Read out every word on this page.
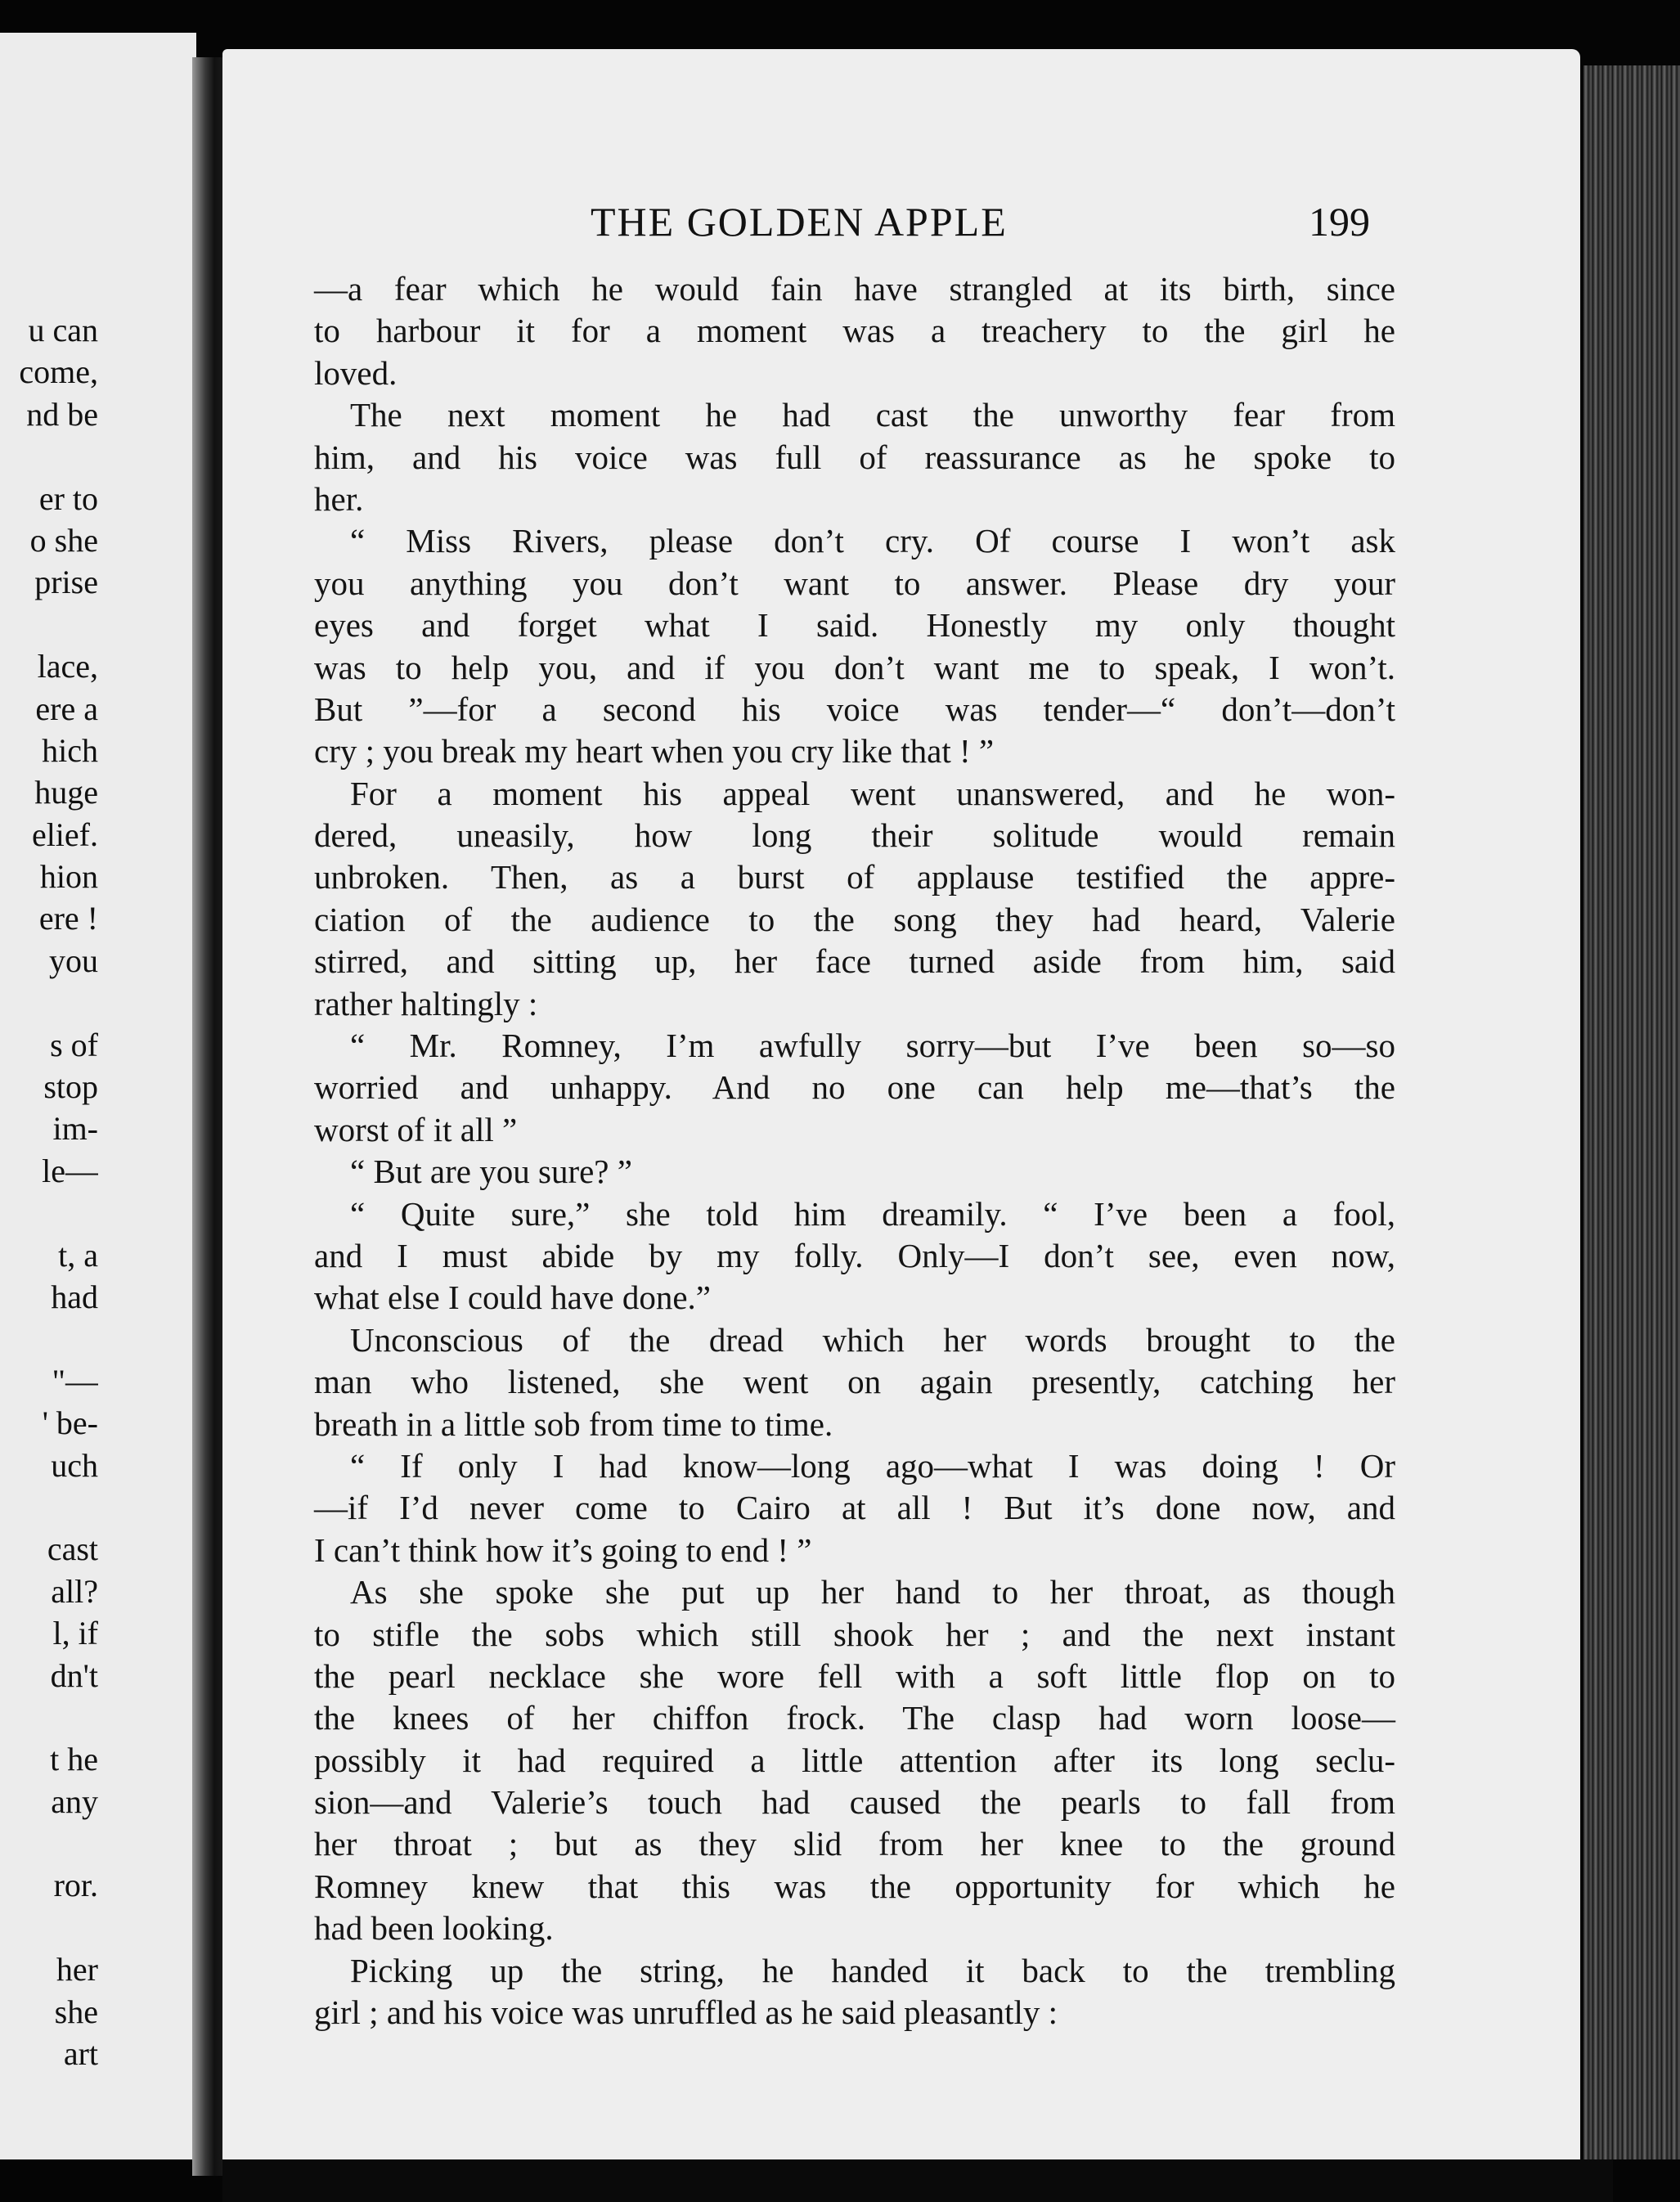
u can
come,
nd be
er to
o she
prise
lace,
ere a
hich
huge
elief.
hion
ere !
you
s of
stop
im-
le—
t, a
had
"—
' be-
uch
cast
all?
l, if
dn't
t he
any
ror.
her
she
art
THE GOLDEN APPLE	199
—a fear which he would fain have strangled at its birth, since
to harbour it for a moment was a treachery to the girl he
loved.
The next moment he had cast the unworthy fear from
him, and his voice was full of reassurance as he spoke to
her.
“ Miss Rivers, please don’t cry. Of course I won’t ask
you anything you don’t want to answer. Please dry your
eyes and forget what I said. Honestly my only thought
was to help you, and if you don’t want me to speak, I won’t.
But ”—for a second his voice was tender—“ don’t—don’t
cry ; you break my heart when you cry like that ! ”
For a moment his appeal went unanswered, and he won-
dered, uneasily, how long their solitude would remain
unbroken. Then, as a burst of applause testified the appre-
ciation of the audience to the song they had heard, Valerie
stirred, and sitting up, her face turned aside from him, said
rather haltingly :
“ Mr. Romney, I’m awfully sorry—but I’ve been so—so
worried and unhappy. And no one can help me—that’s the
worst of it all ”
“ But are you sure? ”
“ Quite sure,” she told him dreamily. “ I’ve been a fool,
and I must abide by my folly. Only—I don’t see, even now,
what else I could have done.”
Unconscious of the dread which her words brought to the
man who listened, she went on again presently, catching her
breath in a little sob from time to time.
“ If only I had know—long ago—what I was doing ! Or
—if I’d never come to Cairo at all ! But it’s done now, and
I can’t think how it’s going to end ! ”
As she spoke she put up her hand to her throat, as though
to stifle the sobs which still shook her ; and the next instant
the pearl necklace she wore fell with a soft little flop on to
the knees of her chiffon frock. The clasp had worn loose—
possibly it had required a little attention after its long seclu-
sion—and Valerie’s touch had caused the pearls to fall from
her throat ; but as they slid from her knee to the ground
Romney knew that this was the opportunity for which he
had been looking.
Picking up the string, he handed it back to the trembling
girl ; and his voice was unruffled as he said pleasantly :
